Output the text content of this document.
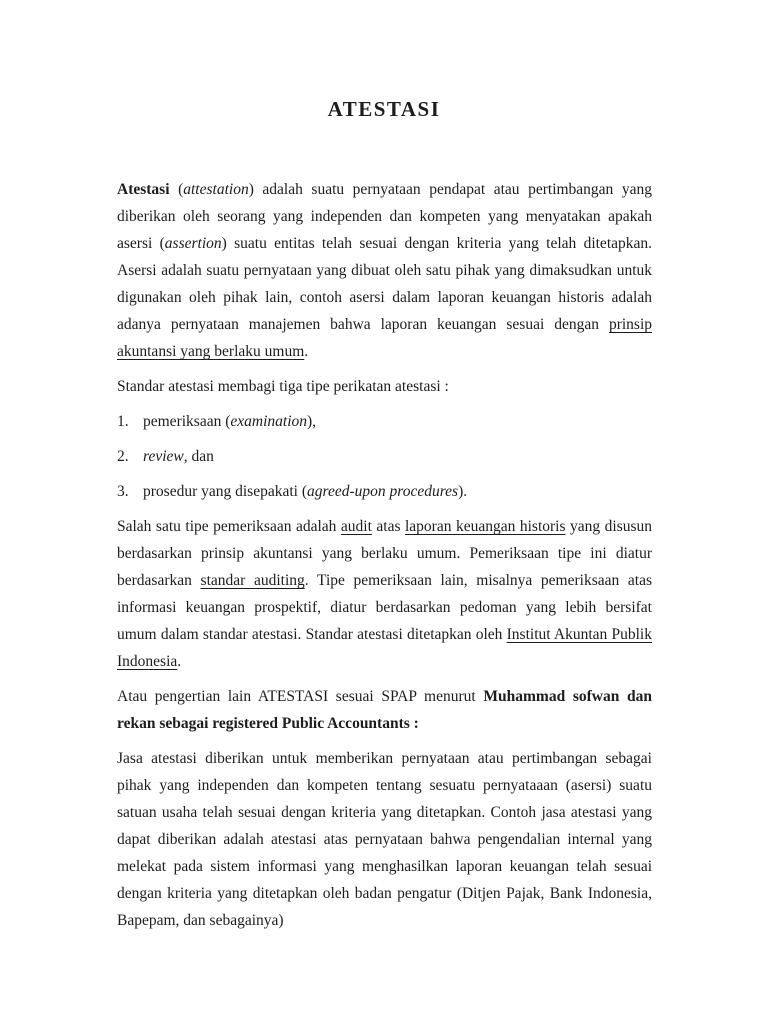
ATESTASI

Atestasi (attestation) adalah suatu pernyataan pendapat atau pertimbangan yang diberikan oleh seorang yang independen dan kompeten yang menyatakan apakah asersi (assertion) suatu entitas telah sesuai dengan kriteria yang telah ditetapkan. Asersi adalah suatu pernyataan yang dibuat oleh satu pihak yang dimaksudkan untuk digunakan oleh pihak lain, contoh asersi dalam laporan keuangan historis adalah adanya pernyataan manajemen bahwa laporan keuangan sesuai dengan prinsip akuntansi yang berlaku umum.

Standar atestasi membagi tiga tipe perikatan atestasi :

1. pemeriksaan (examination),
2. review, dan
3. prosedur yang disepakati (agreed-upon procedures).

Salah satu tipe pemeriksaan adalah audit atas laporan keuangan historis yang disusun berdasarkan prinsip akuntansi yang berlaku umum. Pemeriksaan tipe ini diatur berdasarkan standar auditing. Tipe pemeriksaan lain, misalnya pemeriksaan atas informasi keuangan prospektif, diatur berdasarkan pedoman yang lebih bersifat umum dalam standar atestasi. Standar atestasi ditetapkan oleh Institut Akuntan Publik Indonesia.

Atau pengertian lain ATESTASI sesuai SPAP menurut Muhammad sofwan dan rekan sebagai registered Public Accountants :

Jasa atestasi diberikan untuk memberikan pernyataan atau pertimbangan sebagai pihak yang independen dan kompeten tentang sesuatu pernyataaan (asersi) suatu satuan usaha telah sesuai dengan kriteria yang ditetapkan. Contoh jasa atestasi yang dapat diberikan adalah atestasi atas pernyataan bahwa pengendalian internal yang melekat pada sistem informasi yang menghasilkan laporan keuangan telah sesuai dengan kriteria yang ditetapkan oleh badan pengatur (Ditjen Pajak, Bank Indonesia, Bapepam, dan sebagainya)
